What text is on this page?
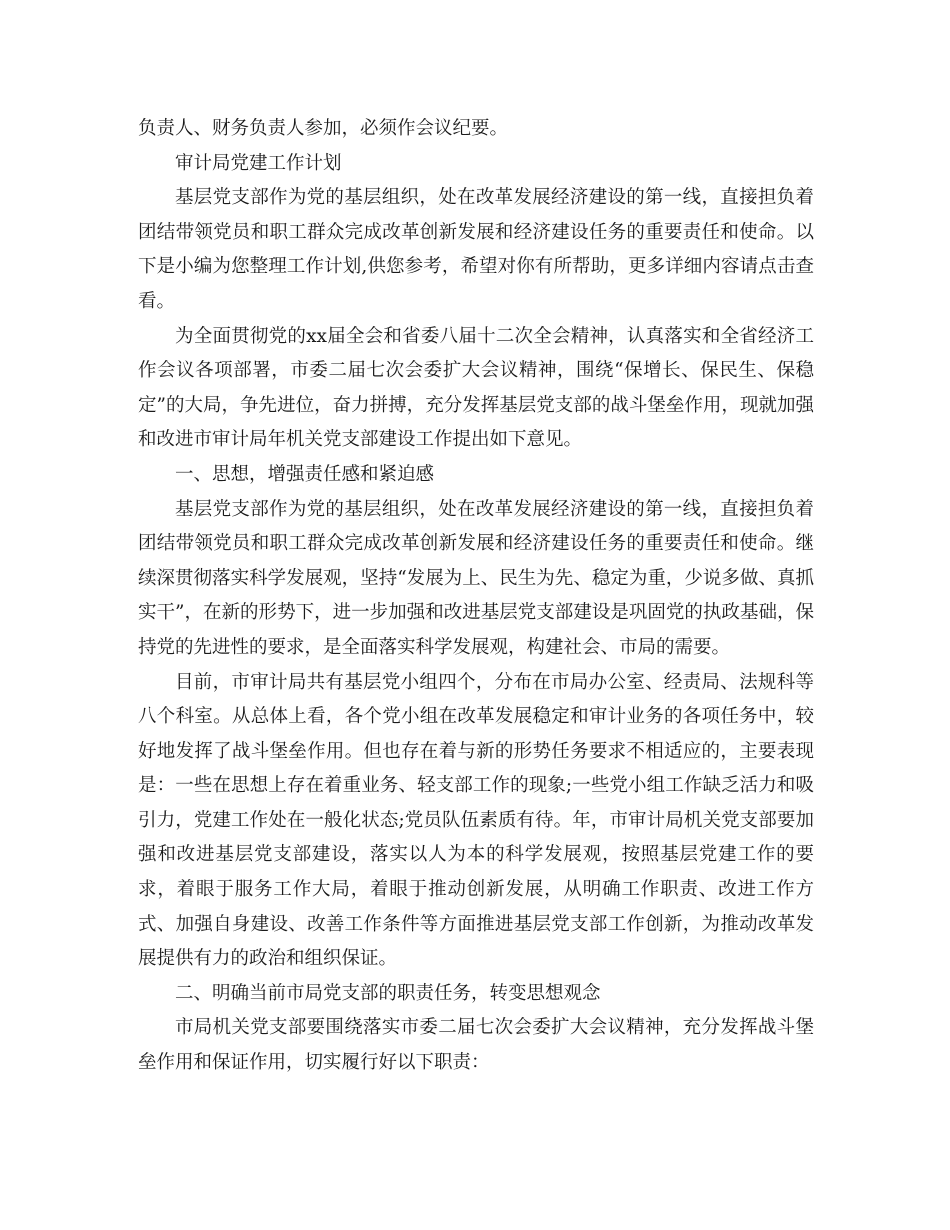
负责人、财务负责人参加，必须作会议纪要。

审计局党建工作计划

基层党支部作为党的基层组织，处在改革发展经济建设的第一线，直接担负着团结带领党员和职工群众完成改革创新发展和经济建设任务的重要责任和使命。以下是小编为您整理工作计划,供您参考，希望对你有所帮助，更多详细内容请点击查看。

为全面贯彻党的xx届全会和省委八届十二次全会精神，认真落实和全省经济工作会议各项部署，市委二届七次会委扩大会议精神，围绕“保增长、保民生、保稳定”的大局，争先进位，奋力拼搏，充分发挥基层党支部的战斗堡垒作用，现就加强和改进市审计局年机关党支部建设工作提出如下意见。

一、思想，增强责任感和紧迫感

基层党支部作为党的基层组织，处在改革发展经济建设的第一线，直接担负着团结带领党员和职工群众完成改革创新发展和经济建设任务的重要责任和使命。继续深贯彻落实科学发展观，坚持“发展为上、民生为先、稳定为重，少说多做、真抓实干”，在新的形势下，进一步加强和改进基层党支部建设是巩固党的执政基础，保持党的先进性的要求，是全面落实科学发展观，构建社会、市局的需要。

目前，市审计局共有基层党小组四个，分布在市局办公室、经责局、法规科等八个科室。从总体上看，各个党小组在改革发展稳定和审计业务的各项任务中，较好地发挥了战斗堡垒作用。但也存在着与新的形势任务要求不相适应的，主要表现是：一些在思想上存在着重业务、轻支部工作的现象;一些党小组工作缺乏活力和吸引力，党建工作处在一般化状态;党员队伍素质有待。年，市审计局机关党支部要加强和改进基层党支部建设，落实以人为本的科学发展观，按照基层党建工作的要求，着眼于服务工作大局，着眼于推动创新发展，从明确工作职责、改进工作方式、加强自身建设、改善工作条件等方面推进基层党支部工作创新，为推动改革发展提供有力的政治和组织保证。

二、明确当前市局党支部的职责任务，转变思想观念

市局机关党支部要围绕落实市委二届七次会委扩大会议精神，充分发挥战斗堡垒作用和保证作用，切实履行好以下职责：
